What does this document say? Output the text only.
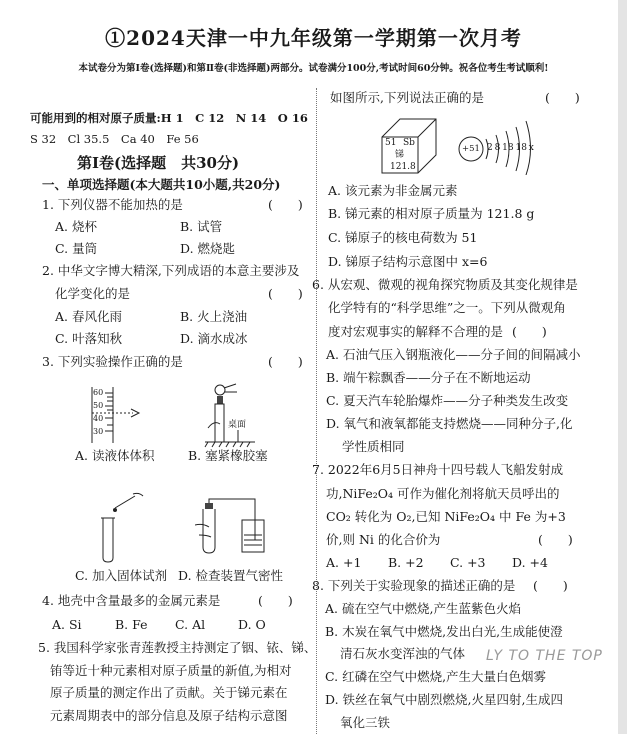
①2024天津一中九年级第一学期第一次月考
本试卷分为第Ⅰ卷(选择题)和第Ⅱ卷(非选择题)两部分。试卷满分100分,考试时间60分钟。祝各位考生考试顺利!
LY TO THE TOP
可能用到的相对原子质量:H 1　C 12　N 14　O 16
S 32　Cl 35.5　Ca 40　Fe 56
第Ⅰ卷(选择题　共30分)
一、单项选择题(本大题共10小题,共20分)
1. 下列仪器不能加热的是	(　　)
A. 烧杯	B. 试管
C. 量筒	D. 燃烧匙
2. 中华文字博大精深,下列成语的本意主要涉及
化学变化的是	(　　)
A. 春风化雨	B. 火上浇油
C. 叶落知秋	D. 滴水成冰
3. 下列实验操作正确的是	(　　)
60
50
40
30
桌面
A. 读液体体积	B. 塞紧橡胶塞
C. 加入固体试剂 D. 检查装置气密性
4. 地壳中含量最多的金属元素是	(　　)
A. Si	B. Fe C. Al	D. O
5. 我国科学家张青莲教授主持测定了铟、铱、锑、
铕等近十种元素相对原子质量的新值,为相对
原子质量的测定作出了贡献。关于锑元素在
元素周期表中的部分信息及原子结构示意图
如图所示,下列说法正确的是	(　　)
51 Sb
锑
121.8
+51 2 8 18 18 x
A. 该元素为非金属元素
B. 锑元素的相对原子质量为 121.8 g
C. 锑原子的核电荷数为 51
D. 锑原子结构示意图中 x=6
6. 从宏观、微观的视角探究物质及其变化规律是
化学特有的“科学思维”之一。下列从微观角
度对宏观事实的解释不合理的是 (　　)
A. 石油气压入钢瓶液化——分子间的间隔减小
B. 端午粽飘香——分子在不断地运动
C. 夏天汽车轮胎爆炸——分子种类发生改变
D. 氧气和液氧都能支持燃烧——同种分子,化
学性质相同
7. 2022年6月5日神舟十四号载人飞船发射成
功,NiFe₂O₄ 可作为催化剂将航天员呼出的
CO₂ 转化为 O₂,已知 NiFe₂O₄ 中 Fe 为+3
价,则 Ni 的化合价为	(　　)
A. +1 B. +2 C. +3 D. +4
8. 下列关于实验现象的描述正确的是 (　　)
A. 硫在空气中燃烧,产生蓝紫色火焰
B. 木炭在氧气中燃烧,发出白光,生成能使澄
清石灰水变浑浊的气体
C. 红磷在空气中燃烧,产生大量白色烟雾
D. 铁丝在氧气中剧烈燃烧,火星四射,生成四
氧化三铁
